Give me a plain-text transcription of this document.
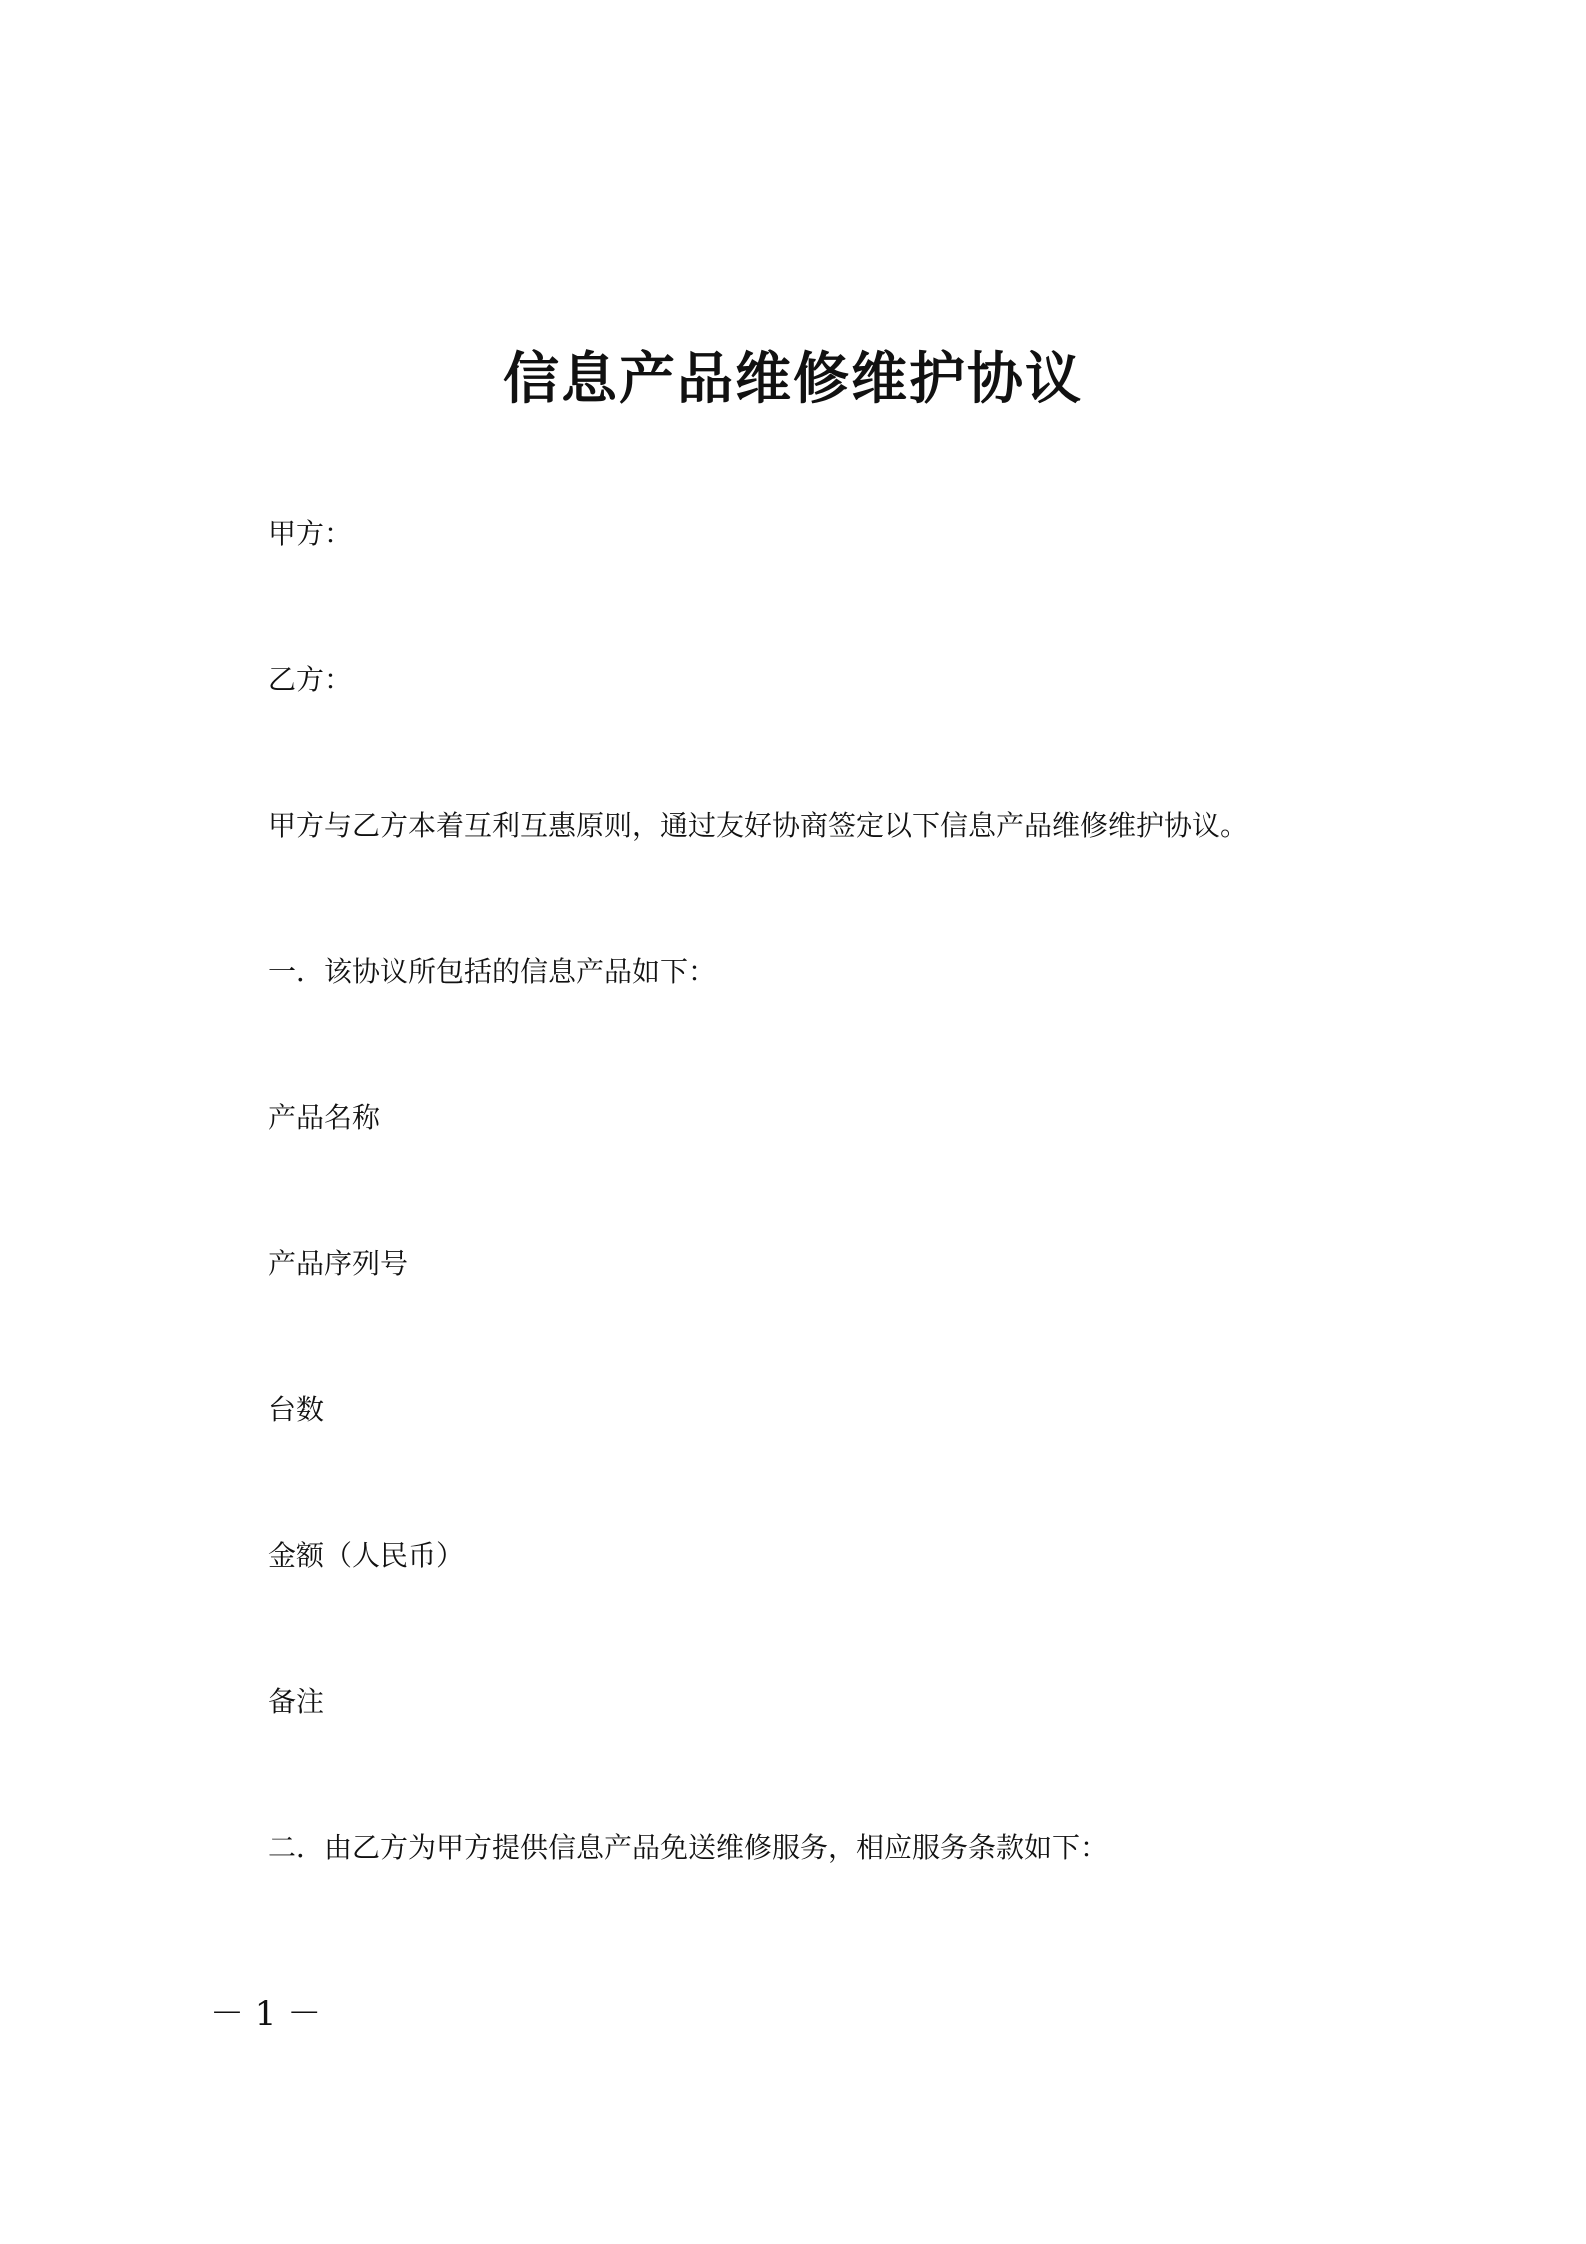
信息产品维修维护协议

甲方：

乙方：

甲方与乙方本着互利互惠原则，通过友好协商签定以下信息产品维修维护协议。

一．该协议所包括的信息产品如下：

产品名称

产品序列号

台数

金额（人民币）

备注

二．由乙方为甲方提供信息产品免送维修服务，相应服务条款如下：

－ 1 －
